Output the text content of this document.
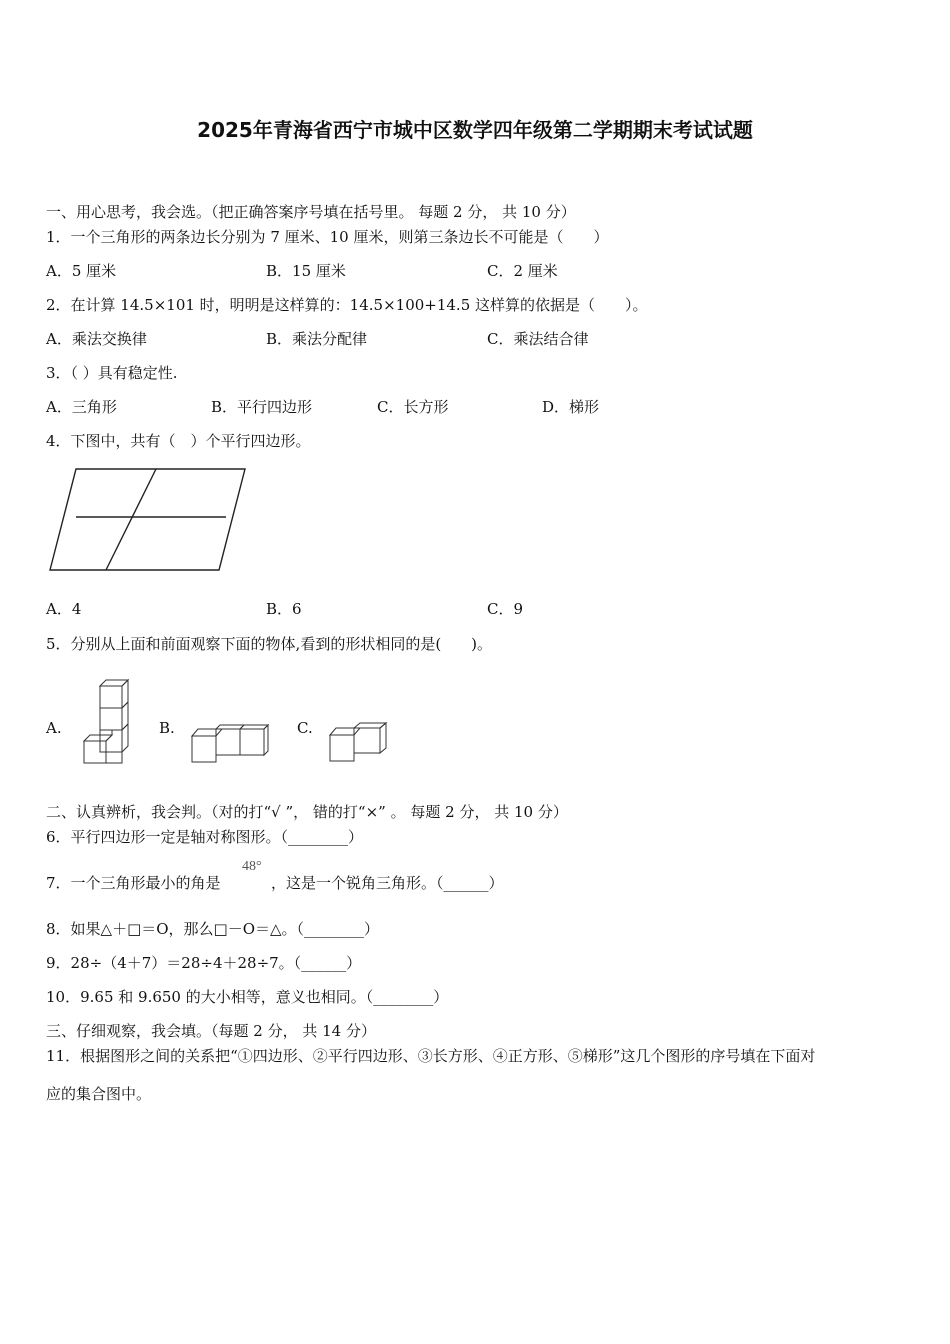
2025年青海省西宁市城中区数学四年级第二学期期末考试试题
一、用心思考，我会选。（把正确答案序号填在括号里。 每题 2 分， 共 10 分）
1．一个三角形的两条边长分别为 7 厘米、10 厘米，则第三条边长不可能是（　　）
A．5 厘米	B．15 厘米	C．2 厘米
2．在计算 14.5×101 时，明明是这样算的：14.5×100+14.5 这样算的依据是（　　）。
A．乘法交换律	B．乘法分配律	C．乘法结合律
3．（ ）具有稳定性.
A．三角形	B．平行四边形	C．长方形	D．梯形
4．下图中，共有（　）个平行四边形。
A．4	B．6	C．9
5．分别从上面和前面观察下面的物体,看到的形状相同的是(　　)。
A.	B.	C.
二、认真辨析，我会判。（对的打“√ ”， 错的打“×” 。 每题 2 分， 共 10 分）
6．平行四边形一定是轴对称图形。（________）
7．一个三角形最小的角是
48°
，这是一个锐角三角形。（______）
8．如果△＋□＝O，那么□－O＝△。（________）
9．28÷（4＋7）＝28÷4＋28÷7。（______）
10．9.65 和 9.650 的大小相等，意义也相同。（________）
三、仔细观察，我会填。（每题 2 分， 共 14 分）
11．根据图形之间的关系把“①四边形、②平行四边形、③长方形、④正方形、⑤梯形”这几个图形的序号填在下面对
应的集合图中。
